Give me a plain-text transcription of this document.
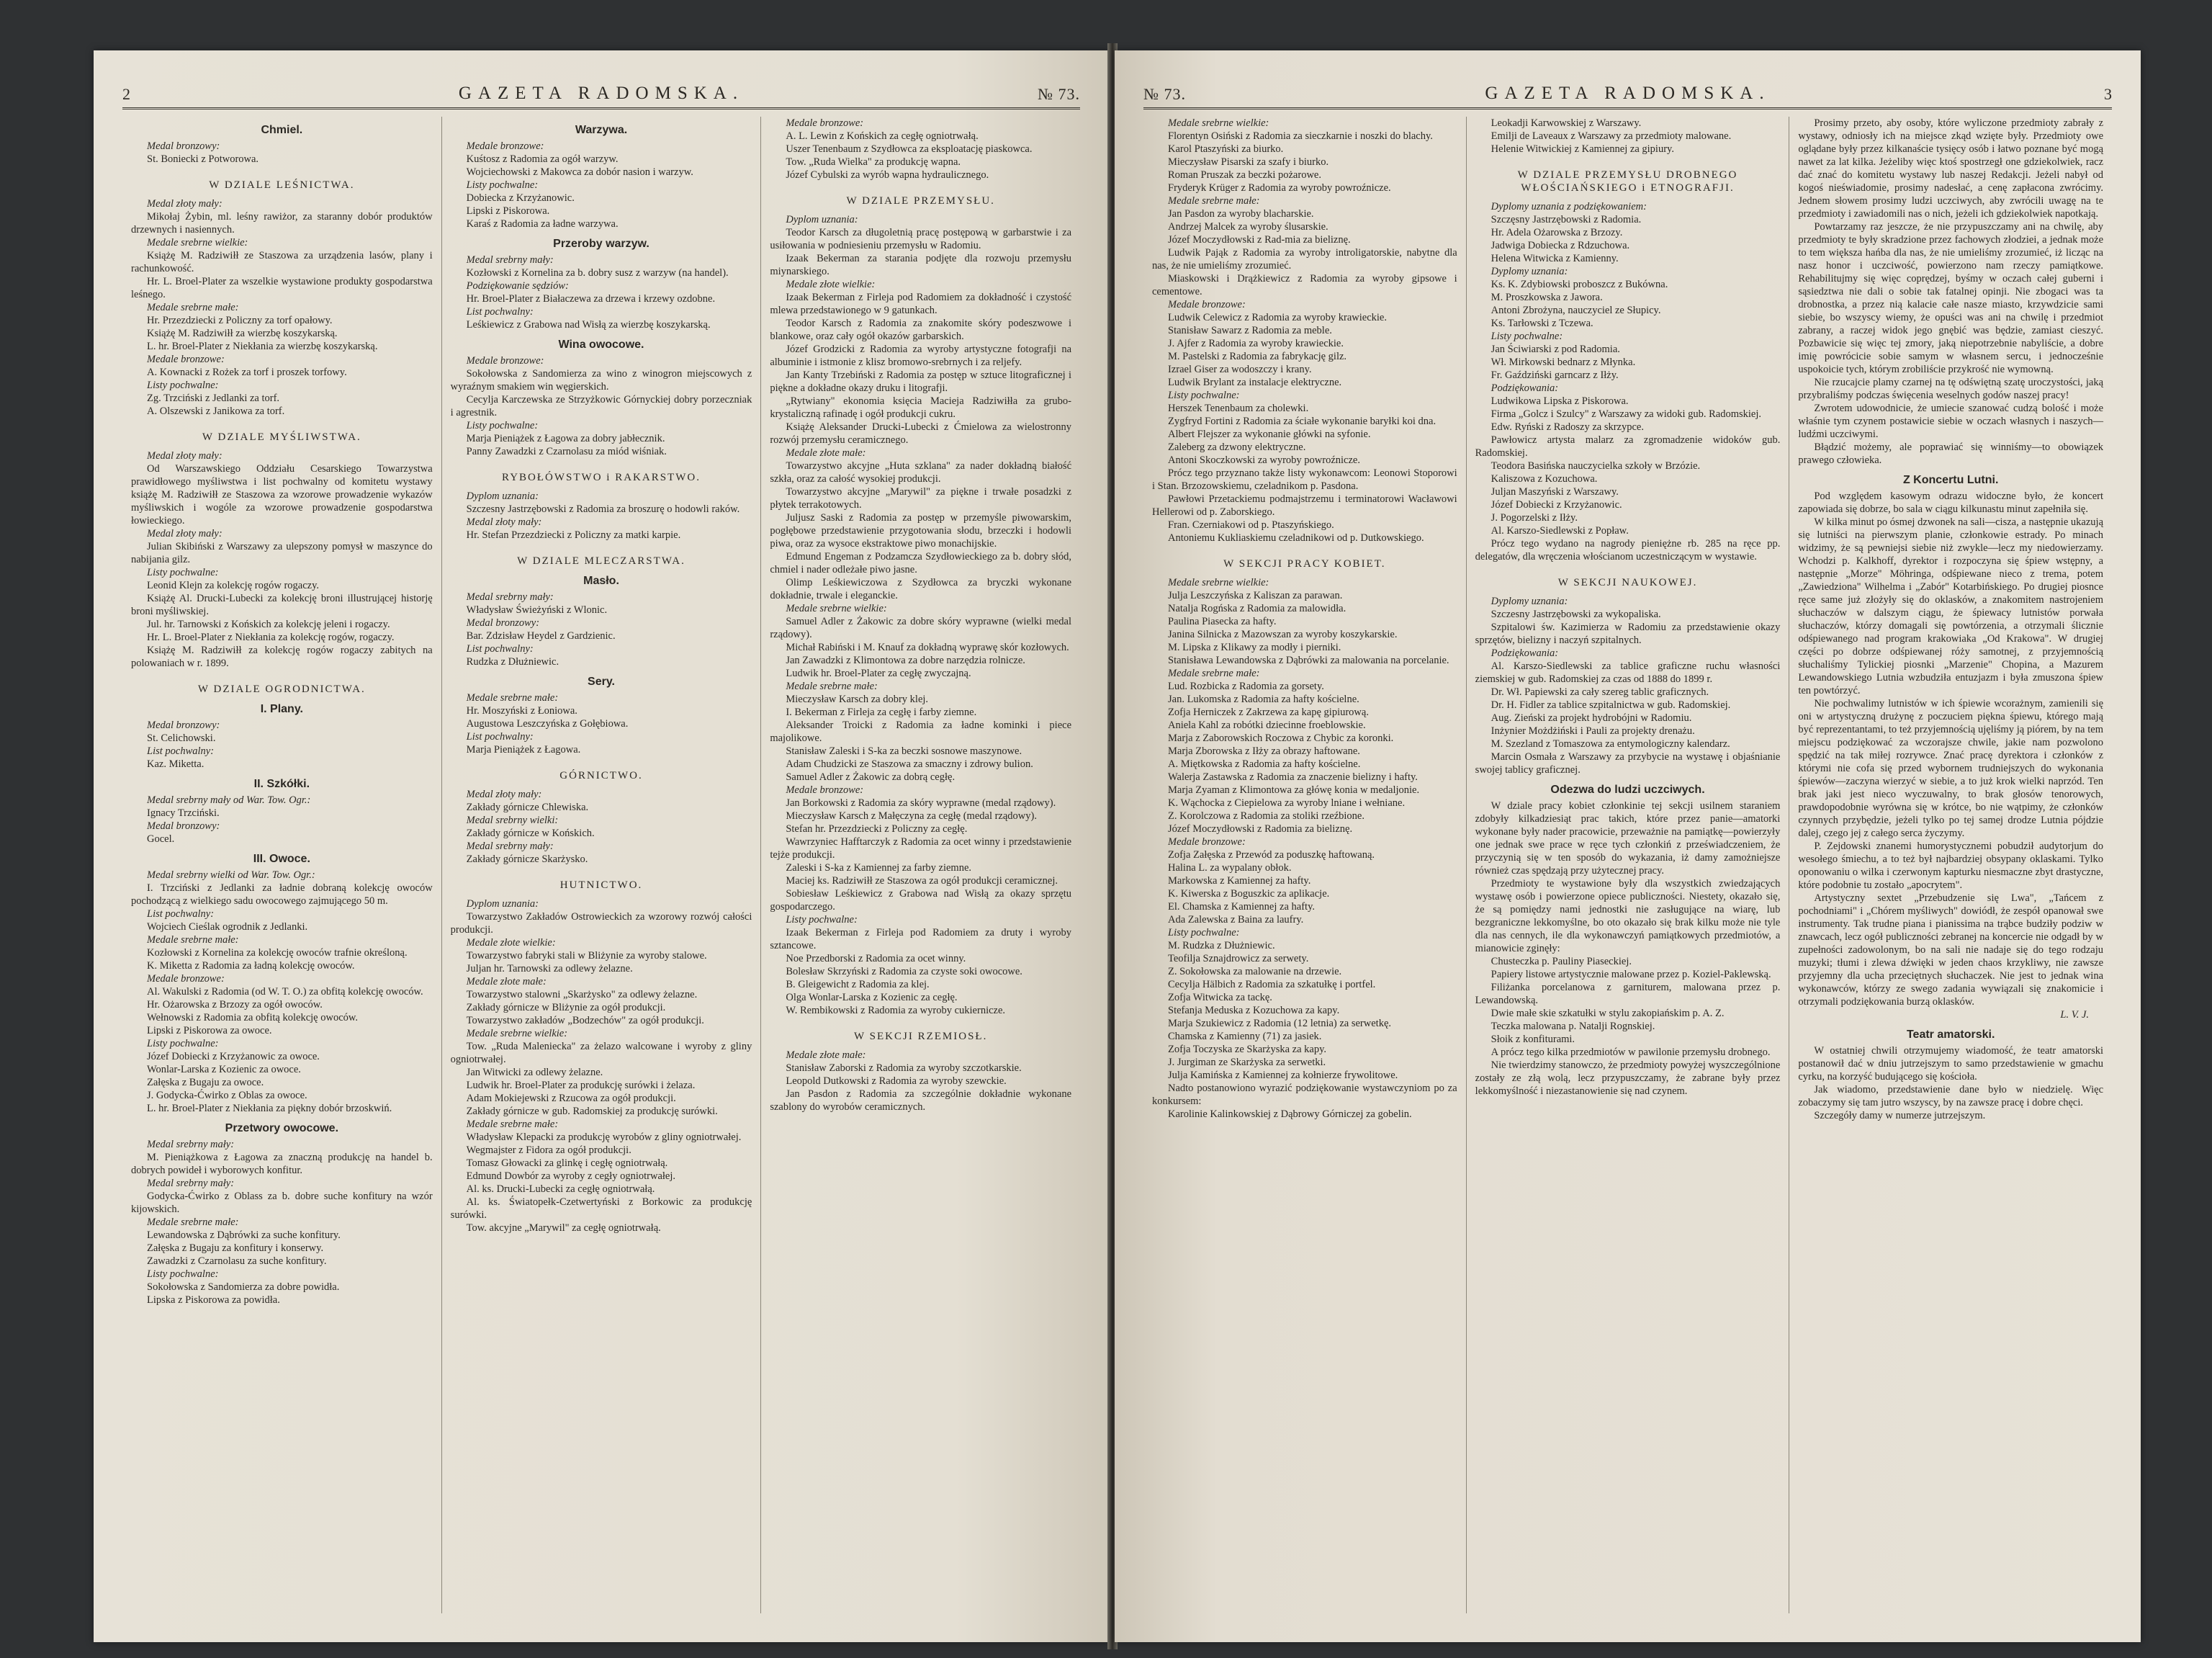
2	GAZETA RADOMSKA.	№ 73.
Chmiel.
Medal bronzowy:
St. Boniecki z Potworowa.
W DZIALE LEŚNICTWA.
Medal złoty mały:
Mikołaj Żybin, ml. leśny rawiżor, za staranny dobór produktów drzewnych i nasiennych.
Medale srebrne wielkie:
Książę M. Radziwiłł ze Staszowa za urządzenia lasów, plany i rachunkowość.
Hr. L. Broel-Plater za wszelkie wystawione produkty gospodarstwa leśnego.
Medale srebrne małe:
Hr. Przezdziecki z Policzny za torf opałowy.
Książę M. Radziwiłł za wierzbę koszykarską.
L. hr. Broel-Plater z Niekłania za wierzbę koszykarską.
Medale bronzowe:
A. Kownacki z Rożek za torf i proszek torfowy.
Listy pochwalne:
Zg. Trzciński z Jedlanki za torf.
A. Olszewski z Janikowa za torf.
W DZIALE MYŚLIWSTWA.
Medal złoty mały:
Od Warszawskiego Oddziału Cesarskiego Towarzystwa prawidłowego myśliwstwa i list pochwalny od komitetu wystawy książę M. Radziwiłł ze Staszowa za wzorowe prowadzenie wykazów myśliwskich i wogóle za wzorowe prowadzenie gospodarstwa łowieckiego.
Medal złoty mały:
Julian Skibiński z Warszawy za ulepszony pomysł w maszynce do nabijania gilz.
Listy pochwalne:
Leonid Klejn za kolekcję rogów rogaczy.
Książę Al. Drucki-Lubecki za kolekcję broni illustrującej historję broni myśliwskiej.
Jul. hr. Tarnowski z Końskich za kolekcję jeleni i rogaczy.
Hr. L. Broel-Plater z Niekłania za kolekcję rogów, rogaczy.
Książę M. Radziwiłł za kolekcję rogów rogaczy zabitych na polowaniach w r. 1899.
W DZIALE OGRODNICTWA.
I. Plany.
Medal bronzowy:
St. Celichowski.
List pochwalny:
Kaz. Miketta.
II. Szkółki.
Medal srebrny mały od War. Tow. Ogr.:
Ignacy Trzciński.
Medal bronzowy:
Gocel.
III. Owoce.
Medal srebrny wielki od War. Tow. Ogr.:
I. Trzciński z Jedlanki za ładnie dobraną kolekcję owoców pochodzącą z wielkiego sadu owocowego zajmującego 50 m.
List pochwalny:
Wojciech Cieślak ogrodnik z Jedlanki.
Medale srebrne małe:
Kozłowski z Kornelina za kolekcję owoców trafnie określoną.
K. Miketta z Radomia za ładną kolekcję owoców.
Medale bronzowe:
Al. Wakulski z Radomia (od W. T. O.) za obfitą kolekcję owoców.
Hr. Ożarowska z Brzozy za ogół owoców.
Wełnowski z Radomia za obfitą kolekcję owoców.
Lipski z Piskorowa za owoce.
Listy pochwalne:
Józef Dobiecki z Krzyżanowic za owoce.
Wonlar-Larska z Kozienic za owoce.
Załęska z Bugaju za owoce.
J. Godycka-Ćwirko z Oblas za owoce.
L. hr. Broel-Plater z Niekłania za piękny dobór brzoskwiń.
Przetwory owocowe.
Medal srebrny mały:
M. Pieniążkowa z Łagowa za znaczną produkcję na handel b. dobrych powideł i wyborowych konfitur.
Medal srebrny mały:
Godycka-Ćwirko z Oblass za b. dobre suche konfitury na wzór kijowskich.
Medale srebrne małe:
Lewandowska z Dąbrówki za suche konfitury.
Załęska z Bugaju za konfitury i konserwy.
Zawadzki z Czarnolasu za suche konfitury.
Listy pochwalne:
Sokołowska z Sandomierza za dobre powidła.
Lipska z Piskorowa za powidła.
Warzywa.
Medale bronzowe:
Kuśtosz z Radomia za ogół warzyw.
Wojciechowski z Makowca za dobór nasion i warzyw.
Listy pochwalne:
Dobiecka z Krzyżanowic.
Lipski z Piskorowa.
Karaś z Radomia za ładne warzywa.
Przeroby warzyw.
Medal srebrny mały:
Kozłowski z Kornelina za b. dobry susz z warzyw (na handel).
Podziękowanie sędziów:
Hr. Broel-Plater z Białaczewa za drzewa i krzewy ozdobne.
List pochwalny:
Leśkiewicz z Grabowa nad Wisłą za wierzbę koszykarską.
Wina owocowe.
Medale bronzowe:
Sokołowska z Sandomierza za wino z winogron miejscowych z wyraźnym smakiem win węgierskich.
Cecylja Karczewska ze Strzyżkowic Górnyckiej dobry porzeczniak i agrestnik.
Listy pochwalne:
Marja Pieniążek z Łagowa za dobry jabłecznik.
Panny Zawadzki z Czarnolasu za miód wiśniak.
RYBOŁÓWSTWO i RAKARSTWO.
Dyplom uznania:
Szczesny Jastrzębowski z Radomia za broszurę o hodowli raków.
Medal złoty mały:
Hr. Stefan Przezdziecki z Policzny za matki karpie.
W DZIALE MLECZARSTWA.
Masło.
Medal srebrny mały:
Władysław Świeżyński z Wlonic.
Medal bronzowy:
Bar. Zdzisław Heydel z Gardzienic.
List pochwalny:
Rudzka z Dłużniewic.
Sery.
Medale srebrne małe:
Hr. Moszyński z Łoniowa.
Augustowa Leszczyńska z Gołębiowa.
List pochwalny:
Marja Pieniążek z Łagowa.
GÓRNICTWO.
Medal złoty mały:
Zakłady górnicze Chlewiska.
Medal srebrny wielki:
Zakłady górnicze w Końskich.
Medal srebrny mały:
Zakłady górnicze Skarżysko.
HUTNICTWO.
Dyplom uznania:
Towarzystwo Zakładów Ostrowieckich za wzorowy rozwój całości produkcji.
Medale złote wielkie:
Towarzystwo fabryki stali w Bliżynie za wyroby stalowe.
Juljan hr. Tarnowski za odlewy żelazne.
Medale złote małe:
Towarzystwo stalowni „Skarżysko" za odlewy żelazne.
Zakłady górnicze w Bliżynie za ogół produkcji.
Towarzystwo zakładów „Bodzechów" za ogół produkcji.
Medale srebrne wielkie:
Tow. „Ruda Maleniecka" za żelazo walcowane i wyroby z gliny ogniotrwałej.
Jan Witwicki za odlewy żelazne.
Ludwik hr. Broel-Plater za produkcję surówki i żelaza.
Adam Mokiejewski z Rzucowa za ogół produkcji.
Zakłady górnicze w gub. Radomskiej za produkcję surówki.
Medale srebrne małe:
Władysław Klepacki za produkcję wyrobów z gliny ogniotrwałej.
Wegmajster z Fidora za ogół produkcji.
Tomasz Głowacki za glinkę i cegłę ogniotrwałą.
Edmund Dowbór za wyroby z cegły ogniotrwałej.
Al. ks. Drucki-Lubecki za cegłę ogniotrwałą.
Al. ks. Światopełk-Czetwertyński z Borkowic za produkcję surówki.
Tow. akcyjne „Marywil" za cegłę ogniotrwałą.
Medale bronzowe:
A. L. Lewin z Końskich za cegłę ogniotrwałą.
Uszer Tenenbaum z Szydłowca za eksploatację piaskowca.
Tow. „Ruda Wielka" za produkcję wapna.
Józef Cybulski za wyrób wapna hydraulicznego.
W DZIALE PRZEMYSŁU.
Dyplom uznania:
Teodor Karsch za długoletnią pracę postępową w garbarstwie i za usiłowania w podniesieniu przemysłu w Radomiu.
Izaak Bekerman za starania podjęte dla rozwoju przemysłu miynarskiego.
Medale złote wielkie:
Izaak Bekerman z Firleja pod Radomiem za dokładność i czystość mlewa przedstawionego w 9 gatunkach.
Teodor Karsch z Radomia za znakomite skóry podeszwowe i blankowe, oraz cały ogół okazów garbarskich.
Józef Grodzicki z Radomia za wyroby artystyczne fotografji na albuminie i istmonie z klisz bromowo-srebrnych i za reljefy.
Jan Kanty Trzebiński z Radomia za postęp w sztuce litograficznej i piękne a dokładne okazy druku i litografji.
„Rytwiany" ekonomia księcia Macieja Radziwiłła za grubo-krystaliczną rafinadę i ogół produkcji cukru.
Książę Aleksander Drucki-Lubecki z Ćmielowa za wielostronny rozwój przemysłu ceramicznego.
Medale złote małe:
Towarzystwo akcyjne „Huta szklana" za nader dokładną białość szkła, oraz za całość wysokiej produkcji.
Towarzystwo akcyjne „Marywil" za piękne i trwałe posadzki z płytek terrakotowych.
Juljusz Saski z Radomia za postęp w przemyśle piwowarskim, pogłębowe przedstawienie przygotowania słodu, brzeczki i hodowli piwa, oraz za wysoce ekstraktowe piwo monachijskie.
Edmund Engeman z Podzamcza Szydłowieckiego za b. dobry słód, chmiel i nader odleżałe piwo jasne.
Olimp Leśkiewiczowa z Szydłowca za bryczki wykonane dokładnie, trwale i eleganckie.
Medale srebrne wielkie:
Samuel Adler z Żakowic za dobre skóry wyprawne (wielki medal rządowy).
Michał Rabiński i M. Knauf za dokładną wyprawę skór kozłowych.
Jan Zawadzki z Klimontowa za dobre narzędzia rolnicze.
Ludwik hr. Broel-Plater za cegłę zwyczajną.
Medale srebrne małe:
Mieczysław Karsch za dobry klej.
I. Bekerman z Firleja za cegłę i farby ziemne.
Aleksander Troicki z Radomia za ładne kominki i piece majolikowe.
Stanisław Zaleski i S-ka za beczki sosnowe maszynowe.
Adam Chudzicki ze Staszowa za smaczny i zdrowy bulion.
Samuel Adler z Żakowic za dobrą cegłę.
Medale bronzowe:
Jan Borkowski z Radomia za skóry wyprawne (medal rządowy).
Mieczysław Karsch z Małęczyna za cegłę (medal rządowy).
Stefan hr. Przezdziecki z Policzny za cegłę.
Wawrzyniec Hafftarczyk z Radomia za ocet winny i przedstawienie tejże produkcji.
Zaleski i S-ka z Kamiennej za farby ziemne.
Maciej ks. Radziwiłł ze Staszowa za ogół produkcji ceramicznej.
Sobiesław Leśkiewicz z Grabowa nad Wisłą za okazy sprzętu gospodarczego.
Listy pochwalne:
Izaak Bekerman z Firleja pod Radomiem za druty i wyroby sztancowe.
Noe Przedborski z Radomia za ocet winny.
Bolesław Skrzyński z Radomia za czyste soki owocowe.
B. Gleigewicht z Radomia za klej.
Olga Wonlar-Larska z Kozienic za cegłę.
W. Rembikowski z Radomia za wyroby cukiernicze.
W SEKCJI RZEMIOSŁ.
Medale złote małe:
Stanisław Zaborski z Radomia za wyroby szczotkarskie.
Leopold Dutkowski z Radomia za wyroby szewckie.
Jan Pasdon z Radomia za szczególnie dokładnie wykonane szablony do wyrobów ceramicznych.
№ 73.	GAZETA RADOMSKA.	3
Medale srebrne wielkie:
Florentyn Osiński z Radomia za sieczkarnie i noszki do blachy.
Karol Ptaszyński za biurko.
Mieczysław Pisarski za szafy i biurko.
Roman Pruszak za beczki pożarowe.
Fryderyk Krüger z Radomia za wyroby powroźnicze.
Medale srebrne małe:
Jan Pasdon za wyroby blacharskie.
Andrzej Malcek za wyroby ślusarskie.
Józef Moczydłowski z Rad-mia za bieliznę.
Ludwik Pająk z Radomia za wyroby introligatorskie, nabytne dla nas, że nie umieliśmy zrozumieć.
Miaskowski i Drążkiewicz z Radomia za wyroby gipsowe i cementowe.
Medale bronzowe:
Ludwik Celewicz z Radomia za wyroby krawieckie.
Stanisław Sawarz z Radomia za meble.
J. Ajfer z Radomia za wyroby krawieckie.
M. Pastelski z Radomia za fabrykację gilz.
Izrael Giser za wodoszczy i krany.
Ludwik Brylant za instalacje elektryczne.
Listy pochwalne:
Herszek Tenenbaum za cholewki.
Zygfryd Fortini z Radomia za ściałe wykonanie baryłki koi dna.
Albert Flejszer za wykonanie główki na syfonie.
Zaleberg za dzwony elektryczne.
Antoni Skoczkowski za wyroby powroźnicze.
Prócz tego przyznano także listy wykonawcom: Leonowi Stoporowi i Stan. Brzozowskiemu, czeladnikom p. Pasdona.
Pawłowi Przetackiemu podmajstrzemu i terminatorowi Wacławowi Hellerowi od p. Zaborskiego.
Fran. Czerniakowi od p. Ptaszyńskiego.
Antoniemu Kukliaskiemu czeladnikowi od p. Dutkowskiego.
W SEKCJI PRACY KOBIET.
Medale srebrne wielkie:
Julja Leszczyńska z Kaliszan za parawan.
Natalja Rogńska z Radomia za malowidła.
Paulina Piasecka za hafty.
Janina Silnicka z Mazowszan za wyroby koszykarskie.
M. Lipska z Klikawy za modły i pierniki.
Stanisława Lewandowska z Dąbrówki za malowania na porcelanie.
Medale srebrne małe:
Lud. Rozbicka z Radomia za gorsety.
Jan. Lukomska z Radomia za hafty kościelne.
Zofja Herniczek z Zakrzewa za kapę gipiurową.
Aniela Kahl za robótki dziecinne froeblowskie.
Marja z Zaborowskich Roczowa z Chybic za koronki.
Marja Zborowska z Iłży za obrazy haftowane.
A. Miętkowska z Radomia za hafty kościelne.
Walerja Zastawska z Radomia za znaczenie bielizny i hafty.
Marja Zyaman z Klimontowa za główę konia w medaljonie.
K. Wąchocka z Ciepielowa za wyroby lniane i wełniane.
Z. Korolczowa z Radomia za stoliki rzeźbione.
Józef Moczydłowski z Radomia za bieliznę.
Medale bronzowe:
Zofja Załęska z Przewód za poduszkę haftowaną.
Halina L. za wypalany obłok.
Markowska z Kamiennej za hafty.
K. Kiwerska z Boguszkic za aplikacje.
El. Chamska z Kamiennej za hafty.
Ada Zalewska z Baina za laufry.
Listy pochwalne:
M. Rudzka z Dłużniewic.
Teofilja Sznajdrowicz za serwety.
Z. Sokołowska za malowanie na drzewie.
Cecylja Hälbich z Radomia za szkatułkę i portfel.
Zofja Witwicka za tackę.
Stefanja Meduska z Kozuchowa za kapy.
Marja Szukiewicz z Radomia (12 letnia) za serwetkę.
Chamska z Kamienny (71) za jasiek.
Zofja Toczyska ze Skarżyska za kapy.
J. Jurgiman ze Skarżyska za serwetki.
Julja Kamińska z Kamiennej za kołnierze frywolitowe.
Nadto postanowiono wyrazić podziękowanie wystawczyniom po za konkursem:
Karolinie Kalinkowskiej z Dąbrowy Górniczej za gobelin.
Leokadji Karwowskiej z Warszawy.
Emilji de Laveaux z Warszawy za przedmioty malowane.
Helenie Witwickiej z Kamiennej za gipiury.
W DZIALE PRZEMYSŁU DROBNEGO WŁOŚCIAŃSKIEGO i ETNOGRAFJI.
Dyplomy uznania z podziękowaniem:
Szczęsny Jastrzębowski z Radomia.
Hr. Adela Ożarowska z Brzozy.
Jadwiga Dobiecka z Rdzuchowa.
Helena Witwicka z Kamienny.
Dyplomy uznania:
Ks. K. Zdybiowski proboszcz z Bukówna.
M. Proszkowska z Jawora.
Antoni Zbrożyna, nauczyciel ze Słupicy.
Ks. Tarłowski z Tczewa.
Listy pochwalne:
Jan Ściwiarski z pod Radomia.
Wł. Mirkowski bednarz z Młynka.
Fr. Gaździński garncarz z Iłży.
Podziękowania:
Ludwikowa Lipska z Piskorowa.
Firma „Golcz i Szulcy" z Warszawy za widoki gub. Radomskiej.
Edw. Ryński z Radoszy za skrzypce.
Pawłowicz artysta malarz za zgromadzenie widoków gub. Radomskiej.
Teodora Basińska nauczycielka szkoły w Brzózie.
Kaliszowa z Kozuchowa.
Juljan Maszyński z Warszawy.
Józef Dobiecki z Krzyżanowic.
J. Pogorzelski z Iłży.
Al. Karszo-Siedlewski z Popław.
Prócz tego wydano na nagrody pieniężne rb. 285 na ręce pp. delegatów, dla wręczenia włościanom uczestniczącym w wystawie.
W SEKCJI NAUKOWEJ.
Dyplomy uznania:
Szczesny Jastrzębowski za wykopaliska.
Szpitalowi św. Kazimierza w Radomiu za przedstawienie okazy sprzętów, bielizny i naczyń szpitalnych.
Podziękowania:
Al. Karszo-Siedlewski za tablice graficzne ruchu własności ziemskiej w gub. Radomskiej za czas od 1888 do 1899 r.
Dr. Wł. Papiewski za cały szereg tablic graficznych.
Dr. H. Fidler za tablice szpitalnictwa w gub. Radomskiej.
Aug. Zieński za projekt hydrobójni w Radomiu.
Inżynier Możdżiński i Pauli za projekty drenażu.
M. Szezland z Tomaszowa za entymologiczny kalendarz.
Marcin Osmała z Warszawy za przybycie na wystawę i objaśnianie swojej tablicy graficznej.
Odezwa do ludzi uczciwych.
W dziale pracy kobiet członkinie tej sekcji usilnem staraniem zdobyły kilkadziesiąt prac takich, które przez panie—amatorki wykonane były nader pracowicie, przeważnie na pamiątkę—powierzyły one jednak swe prace w ręce tych członkiń z przeświadczeniem, że przyczynią się w ten sposób do wykazania, iż damy zamożniejsze również czas spędzają przy użytecznej pracy.
Przedmioty te wystawione były dla wszystkich zwiedzających wystawę osób i powierzone opiece publiczności. Niestety, okazało się, że są pomiędzy nami jednostki nie zasługujące na wiarę, lub bezgraniczne lekkomyślne, bo oto okazało się brak kilku może nie tyle dla nas cennych, ile dla wykonawczyń pamiątkowych przedmiotów, a mianowicie zginęły:
Chusteczka p. Pauliny Piaseckiej.
Papiery listowe artystycznie malowane przez p. Koziel-Paklewską.
Filiżanka porcelanowa z garniturem, malowana przez p. Lewandowską.
Dwie małe skie szkatułki w stylu zakopiańskim p. A. Z.
Teczka malowana p. Natalji Rognskiej.
Słoik z konfiturami.
A prócz tego kilka przedmiotów w pawilonie przemysłu drobnego.
Nie twierdzimy stanowczo, że przedmioty powyżej wyszczególnione zostały ze złą wolą, lecz przypuszczamy, że zabrane były przez lekkomyślność i niezastanowienie się nad czynem.
Prosimy przeto, aby osoby, które wyliczone przedmioty zabrały z wystawy, odniosły ich na miejsce zkąd wzięte były. Przedmioty owe oglądane były przez kilkanaście tysięcy osób i łatwo poznane być mogą nawet za lat kilka. Jeżeliby więc ktoś spostrzegł one gdziekolwiek, racz dać znać do komitetu wystawy lub naszej Redakcji. Jeżeli nabył od kogoś nieświadomie, prosimy nadesłać, a cenę zapłacona zwrócimy. Jednem słowem prosimy ludzi uczciwych, aby zwrócili uwagę na te przedmioty i zawiadomili nas o nich, jeżeli ich gdziekolwiek napotkają.
Powtarzamy raz jeszcze, że nie przypuszczamy ani na chwilę, aby przedmioty te były skradzione przez fachowych złodziei, a jednak może to tem większa hańba dla nas, że nie umieliśmy zrozumieć, iż licząc na nasz honor i uczciwość, powierzono nam rzeczy pamiątkowe. Rehabilitujmy się więc coprędzej, byśmy w oczach całej guberni i sąsiedztwa nie dali o sobie tak fatalnej opinji. Nie zbogaci was ta drobnostka, a przez nią kalacie całe nasze miasto, krzywdzicie sami siebie, bo wszyscy wiemy, że opuści was ani na chwilę i przedmiot zabrany, a raczej widok jego gnębić was będzie, zamiast cieszyć. Pozbawicie się więc tej zmory, jaką niepotrzebnie nabyliście, a dobre imię powrócicie sobie samym w własnem sercu, i jednocześnie uspokoicie tych, którym zrobiliście przykrość nie wymowną.
Nie rzucajcie plamy czarnej na tę odświętną szatę uroczystości, jaką przybraliśmy podczas święcenia weselnych godów naszej pracy!
Zwrotem udowodnicie, że umiecie szanować cudzą bolość i może właśnie tym czynem postawicie siebie w oczach własnych i naszych—ludźmi uczciwymi.
Błądzić możemy, ale poprawiać się winniśmy—to obowiązek prawego człowieka.
Z Koncertu Lutni.
Pod względem kasowym odrazu widoczne było, że koncert zapowiada się dobrze, bo sala w ciągu kilkunastu minut zapełniła się.
W kilka minut po ósmej dzwonek na sali—cisza, a następnie ukazują się lutniści na pierwszym planie, członkowie estrady. Po minach widzimy, że są pewniejsi siebie niż zwykle—lecz my niedowierzamy. Wchodzi p. Kalkhoff, dyrektor i rozpoczyna się śpiew wstępny, a następnie „Morze" Möhringa, odśpiewane nieco z trema, potem „Zawiedziona" Wilhelma i „Zabór" Kotarbińskiego. Po drugiej piosnce ręce same już złożyły się do oklasków, a znakomitem nastrojeniem słuchaczów w dalszym ciągu, że śpiewacy lutnistów porwała słuchaczów, którzy domagali się powtórzenia, a otrzymali ślicznie odśpiewanego nad program krakowiaka „Od Krakowa". W drugiej części po dobrze odśpiewanej róży samotnej, z przyjemnością słuchaliśmy Tylickiej piosnki „Marzenie" Chopina, a Mazurem Lewandowskiego Lutnia wzbudziła entuzjazm i była zmuszona śpiew ten powtórzyć.
Nie pochwalimy lutnistów w ich śpiewie wcorażnym, zamienili się oni w artystyczną drużynę z poczuciem piękna śpiewu, którego mają być reprezentantami, to też przyjemnością ujęliśmy ją piórem, by na tem miejscu podziękować za wczorajsze chwile, jakie nam pozwolono spędzić na tak miłej rozrywce. Znać pracę dyrektora i członków z którymi nie cofa się przed wybornem trudniejszych do wykonania śpiewów—zaczyna wierzyć w siebie, a to już krok wielki naprzód. Ten brak jaki jest nieco wyczuwalny, to brak głosów tenorowych, prawdopodobnie wyrówna się w krótce, bo nie wątpimy, że członków czynnych przybędzie, jeżeli tylko po tej samej drodze Lutnia pójdzie dalej, czego jej z całego serca życzymy.
P. Zejdowski znanemi humorystycznemi pobudził audytorjum do wesołego śmiechu, a to też był najbardziej obsypany oklaskami. Tylko oponowaniu o wilka i czerwonym kapturku niesmaczne zbyt drastyczne, które podobnie tu zostało „apocrytem".
Artystyczny sextet „Przebudzenie się Lwa", „Tańcem z pochodniami" i „Chórem myśliwych" dowiódł, że zespół opanował swe instrumenty. Tak trudne piana i pianissima na trąbce budziły podziw w znawcach, lecz ogół publiczności zebranej na koncercie nie odgadł by w zupełności zadowolonym, bo na sali nie nadaje się do tego rodzaju muzyki; tłumi i zlewa dźwięki w jeden chaos krzykliwy, nie zawsze przyjemny dla ucha przeciętnych słuchaczek. Nie jest to jednak wina wykonawców, którzy ze swego zadania wywiązali się znakomicie i otrzymali podziękowania burzą oklasków.
L. V. J.
Teatr amatorski.
W ostatniej chwili otrzymujemy wiadomość, że teatr amatorski postanowił dać w dniu jutrzejszym to samo przedstawienie w gmachu cyrku, na korzyść budującego się kościoła.
Jak wiadomo, przedstawienie dane było w niedzielę. Więc zobaczymy się tam jutro wszyscy, by na zawsze pracę i dobre chęci.
Szczegóły damy w numerze jutrzejszym.
